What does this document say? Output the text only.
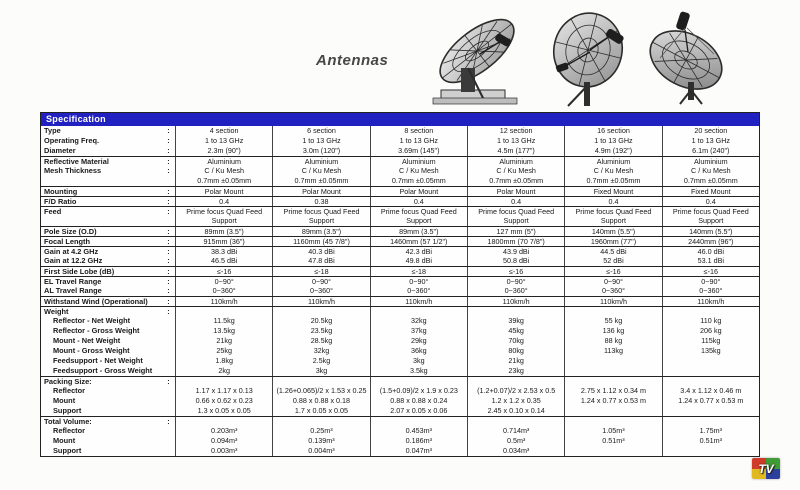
Antennas
Specification
Type	:	4 section	6 section	8 section	12 section	16 section	20 section
Operating Freq.	:	1 to 13 GHz	1 to 13 GHz	1 to 13 GHz	1 to 13 GHz	1 to 13 GHz	1 to 13 GHz
Diameter	:	2.3m (90")	3.0m (120")	3.69m (145")	4.5m (177")	4.9m (192")	6.1m (240")
Reflective Material	:	Aluminium	Aluminium	Aluminium	Aluminium	Aluminium	Aluminium
Mesh Thickness	:	C / Ku Mesh	C / Ku Mesh	C / Ku Mesh	C / Ku Mesh	C / Ku Mesh	C / Ku Mesh
0.7mm ±0.05mm	0.7mm ±0.05mm	0.7mm ±0.05mm	0.7mm ±0.05mm	0.7mm ±0.05mm	0.7mm ±0.05mm
Mounting	:	Polar Mount	Polar Mount	Polar Mount	Polar Mount	Fixed Mount	Fixed Mount
F/D Ratio	:	0.4	0.38	0.4	0.4	0.4	0.4
Feed	:	Prime focus Quad Feed	Prime focus Quad Feed	Prime focus Quad Feed	Prime focus Quad Feed	Prime focus Quad Feed	Prime focus Quad Feed
Support	Support	Support	Support	Support	Support
Pole Size (O.D)	:	89mm (3.5")	89mm (3.5")	89mm (3.5")	127 mm (5")	140mm (5.5")	140mm (5.5")
Focal Length	:	915mm (36")	1160mm (45 7/8")	1460mm (57 1/2")	1800mm (70 7/8")	1960mm (77")	2440mm (96")
Gain at 4.2 GHz	:	38.3 dBi	40.3 dBi	42.3 dBi	43.9 dBi	44.5 dBi	46.0 dBi
Gain at 12.2 GHz	:	46.5 dBi	47.8 dBi	49.8 dBi	50.8 dBi	52 dBi	53.1 dBi
First Side Lobe (dB)	:	≤-16	≤-18	≤-18	≤-16	≤-16	≤-16
EL Travel Range	:	0~90°	0~90°	0~90°	0~90°	0~90°	0~90°
AL Travel Range	:	0~360°	0~360°	0~360°	0~360°	0~360°	0~360°
Withstand Wind (Operational)	:	110km/h	110km/h	110km/h	110km/h	110km/h	110km/h
Weight	:
Reflector - Net Weight	11.5kg	20.5kg	32kg	39kg	55 kg	110 kg
Reflector - Gross Weight	13.5kg	23.5kg	37kg	45kg	136 kg	206 kg
Mount - Net Weight	21kg	28.5kg	29kg	70kg	88 kg	115kg
Mount - Gross Weight	25kg	32kg	36kg	80kg	113kg	135kg
Feedsupport - Net Weight	1.8kg	2.5kg	3kg	21kg
Feedsupport - Gross Weight	2kg	3kg	3.5kg	23kg
Packing Size:	:
Reflector	1.17 x 1.17 x 0.13	(1.26+0.065)/2 x 1.53 x 0.25	(1.5+0.09)/2 x 1.9 x 0.23	(1.2+0.07)/2 x 2.53 x 0.5	2.75 x 1.12 x 0.34 m	3.4 x 1.12 x 0.46 m
Mount	0.66 x 0.62 x 0.23	0.88 x 0.88 x 0.18	0.88 x 0.88 x 0.24	1.2 x 1.2 x 0.35	1.24 x 0.77 x 0.53 m	1.24 x 0.77 x 0.53 m
Support	1.3 x 0.05 x 0.05	1.7 x 0.05 x 0.05	2.07 x 0.05 x 0.06	2.45 x 0.10 x 0.14
Total Volume:	:
Reflector	0.203m³	0.25m³	0.453m³	0.714m³	1.05m³	1.75m³
Mount	0.094m³	0.139m³	0.186m³	0.5m³	0.51m³	0.51m³
Support	0.003m³	0.004m³	0.047m³	0.034m³
TV
